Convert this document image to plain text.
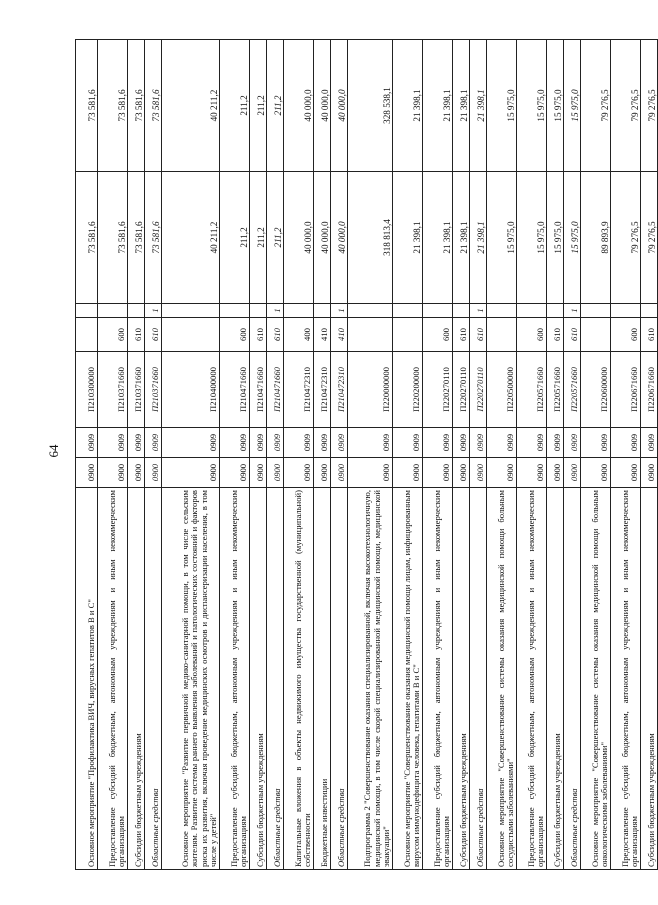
64
Основное мероприятие "Профилактика ВИЧ, вирусных гепатитов В и С"	0900	0909	П210300000			73 581,6	73 581,6
Предоставление субсидий бюджетным, автономным учреждениям и иным некоммерческим организациям	0900	0909	П210371660	600		73 581,6	73 581,6
Субсидии бюджетным учреждениям	0900	0909	П210371660	610		73 581,6	73 581,6
Областные средства	0900	0909	П210371660	610	1	73 581,6	73 581,6
Основное мероприятие "Развитие первичной медико-санитарной помощи, в том числе сельским жителям. Развитие системы раннего выявления заболеваний и патологических состояний и факторов риска их развития, включая проведение медицинских осмотров и диспансеризации населения, в том числе у детей"	0900	0909	П210400000			40 211,2	40 211,2
Предоставление субсидий бюджетным, автономным учреждениям и иным некоммерческим организациям	0900	0909	П210471660	600		211,2	211,2
Субсидии бюджетным учреждениям	0900	0909	П210471660	610		211,2	211,2
Областные средства	0900	0909	П210471660	610	1	211,2	211,2
Капитальные вложения в объекты недвижимого имущества государственной (муниципальной) собственности	0900	0909	П210472310	400		40 000,0	40 000,0
Бюджетные инвестиции	0900	0909	П210472310	410		40 000,0	40 000,0
Областные средства	0900	0909	П210472310	410	1	40 000,0	40 000,0
Подпрограмма 2 "Совершенствование оказания специализированной, включая высокотехнологичную, медицинской помощи, в том числе скорой специализированной медицинской помощи, медицинской эвакуации"	0900	0909	П220000000			318 813,4	328 538,1
Основное мероприятие "Совершенствование оказания медицинской помощи лицам, инфицированным вирусом иммунодефицита человека, гепатитами В и С"	0900	0909	П220200000			21 398,1	21 398,1
Предоставление субсидий бюджетным, автономным учреждениям и иным некоммерческим организациям	0900	0909	П220270110	600		21 398,1	21 398,1
Субсидии бюджетным учреждениям	0900	0909	П220270110	610		21 398,1	21 398,1
Областные средства	0900	0909	П220270110	610	1	21 398,1	21 398,1
Основное мероприятие "Совершенствование системы оказания медицинской помощи больным сосудистыми заболеваниями"	0900	0909	П220500000			15 975,0	15 975,0
Предоставление субсидий бюджетным, автономным учреждениям и иным некоммерческим организациям	0900	0909	П220571660	600		15 975,0	15 975,0
Субсидии бюджетным учреждениям	0900	0909	П220571660	610		15 975,0	15 975,0
Областные средства	0900	0909	П220571660	610	1	15 975,0	15 975,0
Основное мероприятие "Совершенствование системы оказания медицинской помощи больным онкологическими заболеваниями"	0900	0909	П220600000			89 893,9	79 276,5
Предоставление субсидий бюджетным, автономным учреждениям и иным некоммерческим организациям	0900	0909	П220671660	600		79 276,5	79 276,5
Субсидии бюджетным учреждениям	0900	0909	П220671660	610		79 276,5	79 276,5
